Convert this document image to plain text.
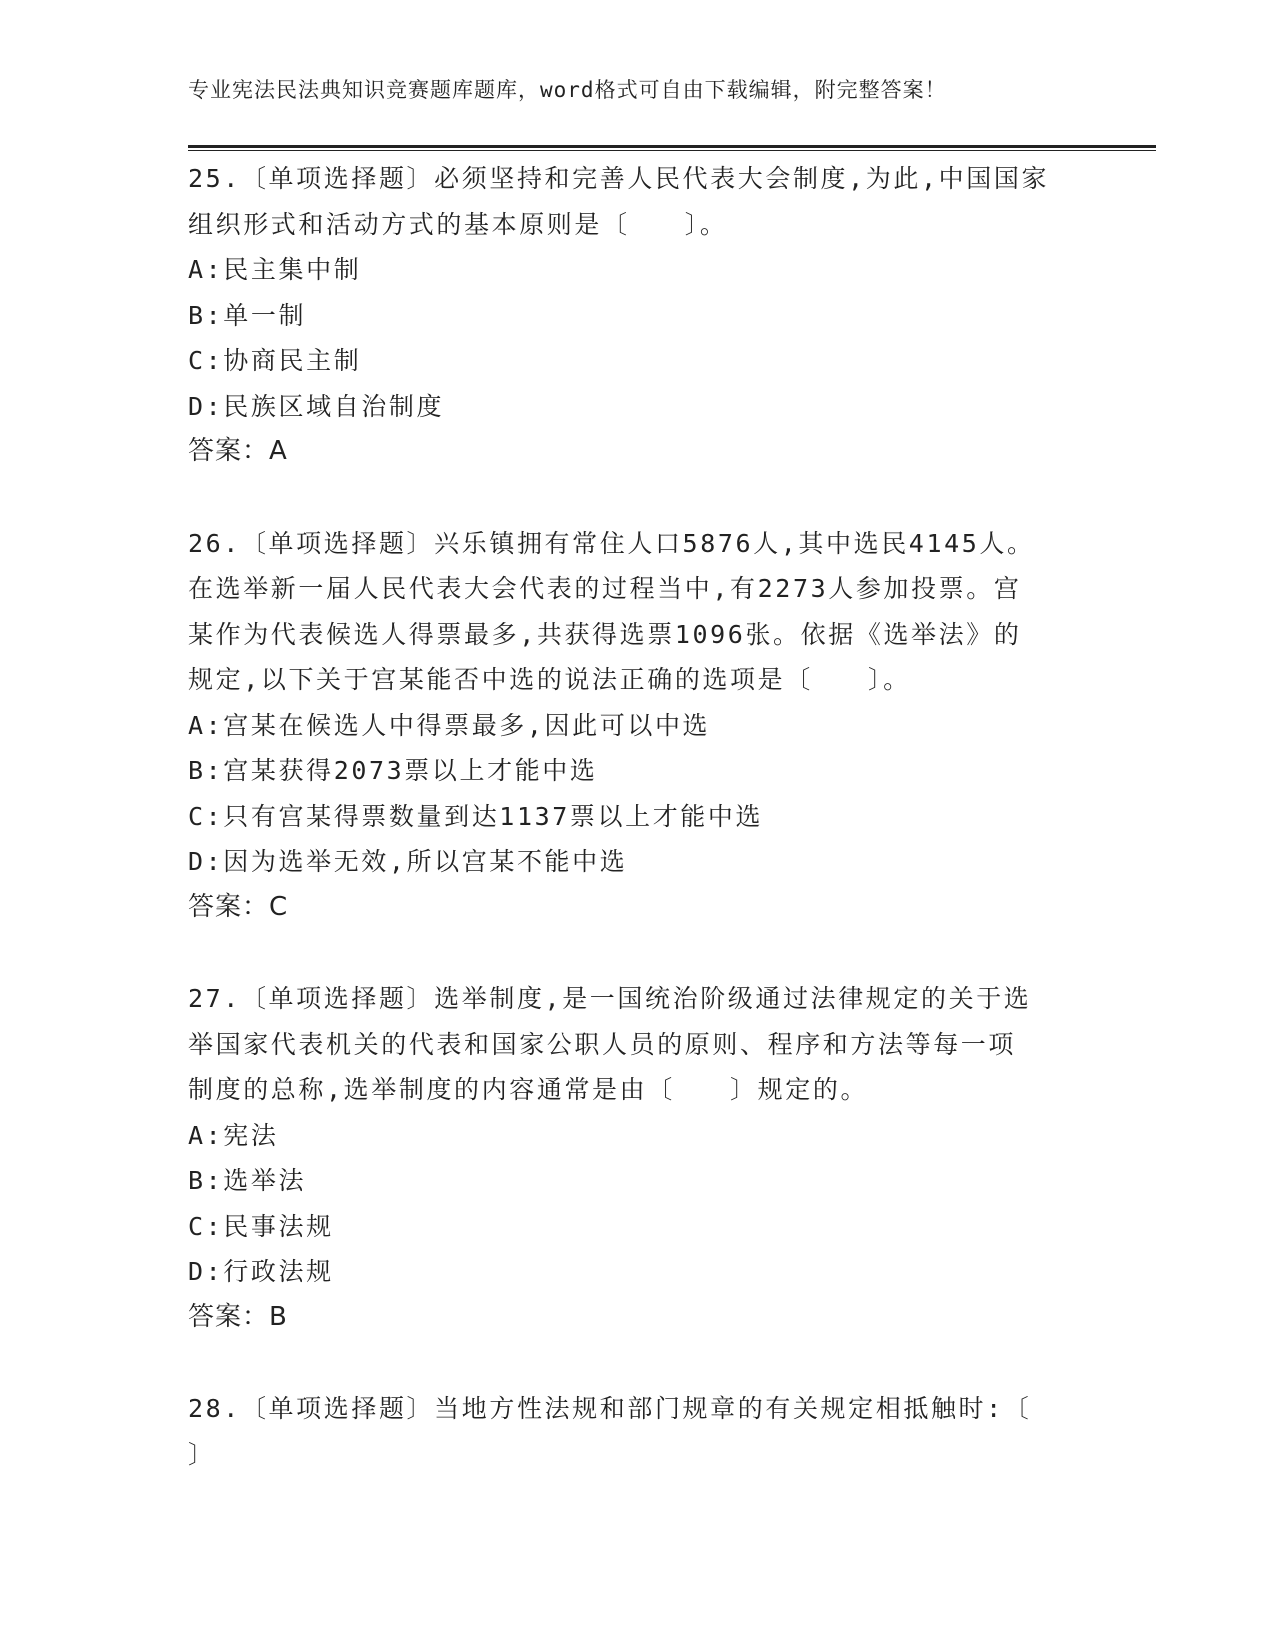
专业宪法民法典知识竞赛题库题库，word格式可自由下载编辑，附完整答案！
25.〔单项选择题〕必须坚持和完善人民代表大会制度,为此,中国国家
组织形式和活动方式的基本原则是〔　　〕。
A:民主集中制
B:单一制
C:协商民主制
D:民族区域自治制度
答案：A
26.〔单项选择题〕兴乐镇拥有常住人口5876人,其中选民4145人。
在选举新一届人民代表大会代表的过程当中,有2273人参加投票。宫
某作为代表候选人得票最多,共获得选票1096张。依据《选举法》的
规定,以下关于宫某能否中选的说法正确的选项是〔　　〕。
A:宫某在候选人中得票最多,因此可以中选
B:宫某获得2073票以上才能中选
C:只有宫某得票数量到达1137票以上才能中选
D:因为选举无效,所以宫某不能中选
答案：C
27.〔单项选择题〕选举制度,是一国统治阶级通过法律规定的关于选
举国家代表机关的代表和国家公职人员的原则、程序和方法等每一项
制度的总称,选举制度的内容通常是由〔　　〕规定的。
A:宪法
B:选举法
C:民事法规
D:行政法规
答案：B
28.〔单项选择题〕当地方性法规和部门规章的有关规定相抵触时:〔
〕
